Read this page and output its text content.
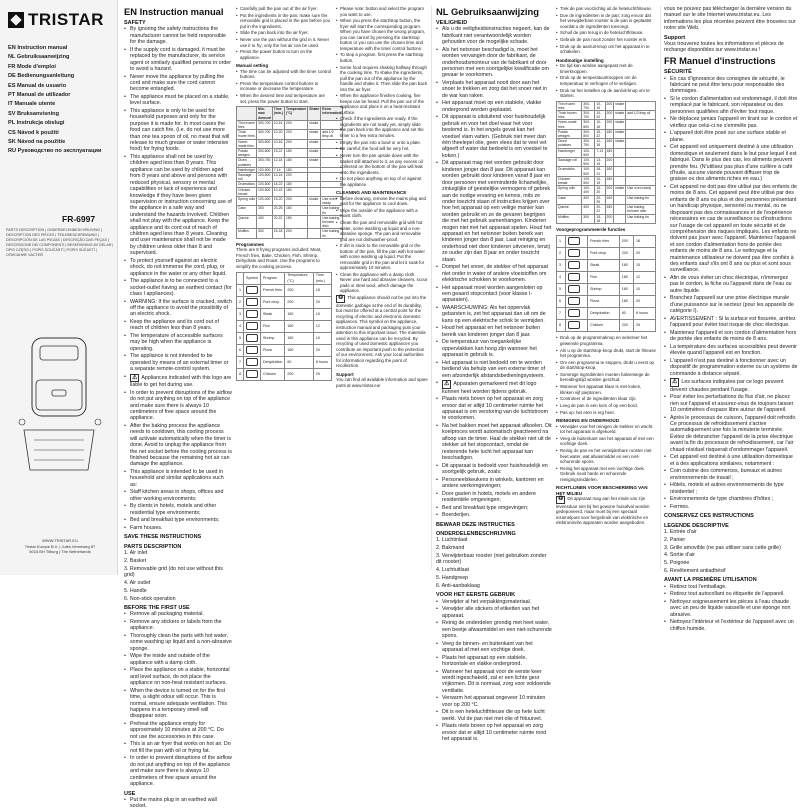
TRISTAR
EN Instruction manual
NL Gebruiksaanwijzing
FR Mode d'emploi
DE Bedienungsanleitung
ES Manual de usuario
PT Manual de utilizador
IT Manuale utente
SV Bruksanvisning
PL Instrukcja obslugi
CS Návod k použití
SK Návod na použitie
RU Руководство по эксплуатации
FR-6997
PARTS DESCRIPTION | ONDERDELENBESCHRIJVING | DESCRIPTION DES PIÈCES | TEILEBESCHREIBUNG | DESCRIPCIÓN DE LAS PIEZAS | DESCRIÇÃO DAS PEÇAS | DESCRIZIONE DEI COMPONENTI | BESKRIVNING AV DELAR | OPIS CZĘŚCI | POPIS SOUČÁSTÍ | POPIS SÚČASTÍ | ОПИСАНИЕ ЧАСТЕЙ
WWW.TRISTAR.EU
Tristar Europe B.V. | Jules Verneweg 87
5015 BH Tilburg | The Netherlands
EN Instruction manual
SAFETY
• By ignoring the safety instructions the manufacturer cannot be held responsible for the damage.
• If the supply cord is damaged, it must be replaced by the manufacturer, its service agent or similarly qualified persons in order to avoid a hazard.
• Never move the appliance by pulling the cord and make sure the cord cannot become entangled.
• The appliance must be placed on a stable, level surface.
• This appliance is only to be used for household purposes and only for the purpose it is made for. In most cases the food can catch fire, (i.e. do not use more than one tea spoon of oil, no meat that will release to much grease or water intensive food) for frying foods.
• This appliance shall not be used by children aged less than 8 years. This appliance can be used by children aged from 8 years and above and persons with reduced physical, sensory or mental capabilities or lack of experience and knowledge if they have been given supervision or instruction concerning use of the appliance in a safe way and understand the hazards involved. Children shall not play with the appliance. Keep the appliance and its cord out of reach of children aged less than 8 years. Cleaning and user maintenance shall not be made by children unless older than 8 and supervised.
• To protect yourself against an electric shock, do not immerse the cord, plug, or appliance in the water or any other liquid.
• The appliance is to be connected to a socket-outlet having an earthed contact (for class I appliances).
• WARNING: If the surface is cracked, switch off the appliance to avoid the possibility of an electric shock.
• Keep the appliance and its cord out of reach of children less than 8 years.
• The temperature of accessible surfaces may be high when the appliance is operating.
• The appliance is not intended to be operated by means of an external timer or a separate remote-control system.
• ⚠ Appliances indicated with this logo are liable to get hot during use.
• In order to prevent disruptions of the airflow do not put anything on top of the appliance and make sure there is always 10 centimeters of free space around the appliance.
• After the baking process the appliance needs to cooldown, this cooling process will activate automatically when the timer is done. Avoid to unplug the appliance from the net socket before the cooling process is finished because the remaining hot air can damage the appliance.
• This appliance is intended to be used in household and similar applications such as:
• Staff kitchen areas in shops, offices and other working environments;
• By clients in hotels, motels and other residential type environments;
• Bed and breakfast type environments;
• Farm houses.
SAVE THESE INSTRUCTIONS
PARTS DESCRIPTION

1. Air inlet

2. Basket

3. Removable grid (do not use without this grid)

4. Air outlet

5. Handle

6. Non-stick operation

BEFORE THE FIRST USE
• Remove all packaging material.
• Remove any stickers or labels from the appliance.
• Thoroughly clean the parts with hot water, some washing up liquid and a non-abrasive sponge.
• Wipe the inside and outside of the appliance with a damp cloth.
• Place the appliance on a stable, horizontal and level surface, do not place the appliance on non-heat resistant surfaces.
• When the device is turned on for the first time, a slight odour will occur. This is normal, ensure adequate ventilation. This happens in a temporary smell will disappear soon.
• Preheat the appliance empty for approximately 10 minutes at 200 °C. Do not use the accessories in this case.
• This is an air fryer that works on hot air. Do not fill the pan with oil or frying fat.
• In order to prevent disruptions of the airflow do not put anything on top of the appliance and make sure there is always 10 centimeters of free space around the appliance.
USE
• Put the mains plug in an earthed wall socket.
• Carefully pull the pan out of the air fryer.
• Put the ingredients in the pan; make sure the removable grid is placed in the pan before you put in the ingredients.
• Slide the pan back into the air fryer.
• Never use the pan without the grid in it. Never use it to fry; only the hot air can be used.
• Press the power button to turn on the appliance.
Manual setting
• The time can be adjusted with the timer control buttons.
• Press the temperature control buttons to increase or decrease the temperature.
• When the desired time and temperature are set, press the power button to start.
	Min-max Amount	Time (min.)	Temperature (°C)	Shake	Extra information
Thin frozen fries	300-700	10-16	200	shake	
Thick frozen fries	300-700	10-20	200	shake	add 1/2 tbsp oil
Home-made fries	300-800	10-16	200	shake	
Potato wedges	300-800	15-22	180	shake	
Diced potatoes	300-750	12-18	180	shake	
Hamburger	100-500	7-14	180		
Sausage roll	100-500	13-15	200		
Drumsticks	100-500	18-22	180		
Chicken breast	100-500	10-15	180		
Spring rolls	100-400	15-20	200	shake	Use oven ready
Cake	300	20-25	160		Use baking tin
Quiche	400	20-22	180		Use baking tin/oven dish
Muffins	300	15-18	200		Use baking tin
Programmes

There are 8 frying programs included: Meat, French fries, Bake, Chicken, Fish, Shrimp, Dehydrate and Roast. Use the programs to simplify the cooking process.

	Symbol	Program	Temperature (°C)	Time (min.)
1		French fries	200	18
2		Pork chop	200	20
3		Steak	180	15
4		Fish	180	12
5		Shrimp	180	10
6		Pizza	180	20
7		Dehydration	60	8 hours
8		Chicken	200	25
• Please note: button and select the program you want to use.
• When you press the start/stop button, the fryer will start the corresponding program. When you have chosen the wrong program, you can cancel by pressing the start/stop button or you can use the chosen time and temperature with the timer control buttons.
• To stop a program, first press the start/stop button.
• Some food requires shaking halfway through the cooking time. To shake the ingredients, pull the pan out of the appliance by the handle and shake it. Then slide the pan back into the air fryer.
• When the appliance finishes cooking, five beeps can be heard. Pull the pan out of the appliance and place it on a heat-resistant surface.
• Check if the ingredients are ready. If the ingredients are not ready yet, simply slide the pan back into the appliance and set the timer to a few extra minutes.
• Empty the pan into a bowl or onto a plate.
• Be careful; the food will be very hot.
• Never turn the pan upside down with the basket still attached to it, as any excess oil collected on the bottom of the pan will leak onto the ingredients.
• Do not place anything on top of or against the appliance.
CLEANING AND MAINTENANCE
• Before cleaning, remove the mains plug and wait for the appliance to cool down.
• Wipe the outside of the appliance with a moist cloth.
• Clean the pan and removable grid with hot water, some washing up liquid and a non-abrasive sponge. The pan and removable grid are not dishwasher-proof.
• If dirt is stuck to the removable grid or the bottom of the pan, fill the pan with hot water with some washing up liquid. Put the removable grid in the pan and let it soak for approximately 10 minutes.
• Clean the appliance with a damp cloth. Never use hard and abrasive cleaners, scour pads or steel wool, which damage the appliance.

♻ This appliance should not be put into the domestic garbage at the end of its durability, but must be offered at a central point for the recycling of electric and electronic domestic appliances. This symbol on the appliance, instruction manual and packaging puts your attention to this important issue. The materials used in this appliance can be recycled. By recycling of used domestic appliances you contribute an important push to the protection of our environment. Ask your local authorities for information regarding the point of recollection.

Support

You can find all available information and spare parts at www.tristar.eu!

NL Gebruiksaanwijzing
VEILIGHEID
• Als u de veiligheidsinstructies negeert, kan de fabrikant niet verantwoordelijk worden gehouden voor de mogelijke schade.
• Als het netsnoer beschadigd is, moet het worden vervangen door de fabrikant, de onderhoudsmonteur van de fabrikant of door personen met een soortgelijke kwalificatie om gevaar te voorkomen.
• Verplaats het apparaat nooit door aan het snoer te trekken en zorg dat het snoer niet in de war kan raken.
• Het apparaat moet op een stabiele, vlakke ondergrond worden geplaatst.
• Dit apparaat is uitsluitend voor huishoudelijk gebruik en voor het doel waar het voor bestemd is. In het engels gevat kan het voedsel vlam vatten. (Gebruik niet meer dan één theelepel olie, geen vlees dat te veel vet afgeeft of water dat bedoeld is om voedsel te koken.)
• Dit apparaat mag niet worden gebruikt door kinderen jonger dan 8 jaar. Dit apparaat kan worden gebruikt door kinderen vanaf 8 jaar en door personen met verminderde lichamelijke, zintuiglijke of geestelijke vermogens of gebrek aan de nodige ervaring en kennis, mits ze onder toezicht staan of instructies krijgen over hoe het apparaat op een veilige manier kan worden gebruikt en ze de gevaren begrijpen die met het gebruik samenhangen. Kinderen mogen niet met het apparaat spelen. Houd het apparaat en het netsnoer buiten bereik van kinderen jonger dan 8 jaar. Laat reiniging en onderhoud niet door kinderen uitvoeren, tenzij ze ouder zijn dan 8 jaar en onder toezicht staan.
• Dompel het snoer, de stekker of het apparaat niet onder in water of andere vloeistoffen om elektrische schokken te voorkomen.
• Het apparaat moet worden aangesloten op een geaard stopcontact (voor klasse I-apparaten).
• WAARSCHUWING: Als het oppervlak gebarsten is, zet het apparaat dan uit om de kans op een elektrische schok te vermijden.
• Houd het apparaat en het netsnoer buiten bereik van kinderen jonger dan 8 jaar.
• De temperatuur van toegankelijke oppervlakken kan hoog zijn wanneer het apparaat in gebruik is.
• Het apparaat is niet bedoeld om te worden bediend via behulp van een externe timer of een afzonderlijk afstandsbedieningsysteem.
• ⚠ Apparaten gemarkeerd met dit logo kunnen heet worden tijdens gebruik.
• Plaats niets boven op het apparaat en zorg ervoor dat er altijd 10 centimeter ruimte het apparaat is om verstoring van de luchtstroom te voorkomen.
• Na het bakken moet het apparaat afkoelen. Dit koelproces wordt automatisch geactiveerd na afloop van de timer. Haal de stekker niet uit de stekker uit het stopcontact, omdat de resterende hete lucht het apparaat kan beschadigen.
• Dit apparaat is bedoeld voor huishoudelijk en soortgelijk gebruik, zoals:
• Personeelskeukens in winkels, kantoren en andere werkomgevingen;
• Door gasten in hotels, motels en andere residentiële omgevingen;
• Bed and breakfast type omgevingen;
• Boerderijen.
BEWAAR DEZE INSTRUCTIES
ONDERDELENBESCHRIJVING

1. Luchtinlaat

2. Bakmand

3. Verwijderbaar rooster (niet gebruiken zonder dit rooster)

4. Luchtuitlaat

5. Handgreep

6. Anti-aanbaklaag

VOOR HET EERSTE GEBRUIK
• Verwijder al het verpakkingsmateriaal.
• Verwijder alle stickers of etiketten van het apparaat.
• Reinig de onderdelen grondig met heet water, een beetje afwasmiddel en een niet-schurende spons.
• Veeg de binnen- en buitenkant van het apparaat af met een vochtige doek.
• Plaats het apparaat op een stabiele, horizontale en vlakke ondergrond.
• Wanneer het apparaat voor de eerste keer wordt ingeschakeld, zal er een lichte geur vrijkomen. Dit is normaal, zorg voor voldoende ventilatie.
• Verwarm het apparaat ongeveer 10 minuten voor op 200 °C.
• Dit is een heteluchtfriteuse die op hete lucht werkt. Vul de pan niet met olie of frituurvet.
• Plaats niets boven op het apparaat en zorg ervoor dat er altijd 10 centimeter ruimte rond het apparaat is.
• Trek de pan voorzichtig uit de heteluchtfriteuse.
• Doe de ingrediënten in de pan; zorg ervoor dat het verwijderbare rooster in de pan is geplaatst voordat u de ingrediënten toevoegt.
• Schuif de pan terug in de heteluchtfriteuse.
• Gebruik de pan nooit zonder het rooster erin.
• Druk op de aan/uit-knop om het apparaat in te schakelen.
Handmatige instelling
• De tijd kan worden aangepast met de timerknoppen.
• Druk op de temperatuurknoppen om de temperatuur te verhogen of te verlagen.
• Druk na het instellen op de aan/uit-knop om te starten.
Thin frozen fries	300-700	10-16	200	shake	
Thick frozen fries	300-700	10-20	200	shake	add 1/2 tbsp oil
Home-made fries	300-800	10-16	200	shake	
Potato wedges	300-800	15-22	180	shake	
Diced potatoes	300-750	12-18	180	shake	
Hamburger	100-500	7-14	180		
Sausage roll	100-500	13-15	200		
Drumsticks	100-500	18-22	180		
Chicken breast	100-500	10-15	180		
Spring rolls	100-400	15-20	200	shake	Use oven ready
Cake	300	20-25	160		Use baking tin
Quiche	400	20-22	180		Use baking tin/oven dish
Muffins	300	15-18	200		Use baking tin
Voorgeprogrammeerde functies
1		French fries	200	18
2		Pork chop	200	20
3		Steak	180	15
4		Fish	180	12
5		Shrimp	180	10
6		Pizza	180	20
7		Dehydration	60	8 hours
8		Chicken	200	25
• Druk op de programmaknop en selecteer het gewenste programma.
• Als u op de start/stop-knop drukt, start de friteuse het programma.
• Om een programma te stoppen, drukt u eerst op de start/stop-knop.
• Sommige ingrediënten moeten halverwege de bereidingstijd worden geschud.
• Wanneer het apparaat klaar is met koken, klinken vijf pieptonen.
• Controleer of de ingrediënten klaar zijn.
• Leeg de pan in een kom of op een bord.
• Pas op: het eten is erg heet.
REINIGING EN ONDERHOUD
• Verwijder voor het reinigen de stekker en wacht tot het apparaat is afgekoeld.
• Veeg de buitenkant van het apparaat af met een vochtige doek.
• Reinig de pan en het verwijderbare rooster met heet water, wat afwasmiddel en een niet-schurende spons.
• Reinig het apparaat met een vochtige doek. Gebruik nooit harde en schurende reinigingsmiddelen.
RICHTLIJNEN VOOR BESCHERMING VAN HET MILIEU

♻ Dit apparaat mag aan het einde van zijn levensduur niet bij het gewone huisafval worden gedeponeerd, maar moet bij een speciaal inzamelpunt voor hergebruik van elektrische en elektronische apparaten worden aangeboden.

vous ne pouvez pas télécharger la dernière version du manuel sur le site Internet www.tristar.eu. Les informations les plus récentes peuvent être trouvées sur notre site Web.

Support

Vous trouverez toutes les informations et pièces de rechange disponibles sur www.tristar.eu !

FR Manuel d'instructions
SÉCURITÉ
• En cas d'ignorance des consignes de sécurité, le fabricant ne peut être tenu pour responsable des dommages.
• Si le cordon d'alimentation est endommagé, il doit être remplacé par le fabricant, son réparateur ou des personnes qualifiées afin d'éviter tout risque.
• Ne déplacez jamais l'appareil en tirant sur le cordon et vérifiez que celui-ci ne s'emmêle pas.
• L'appareil doit être posé sur une surface stable et plane.
• Cet appareil est uniquement destiné à une utilisation domestique et seulement dans le but pour lequel il est fabriqué. Dans le plus des cas, les aliments peuvent prendre feu. (N'utilisez pas plus d'une cuillère à café d'huile, aucune viande pouvant diffuser trop de graisse ou des aliments riches en eau.)
• Cet appareil ne doit pas être utilisé par des enfants de moins de 8 ans. Cet appareil peut être utilisé par des enfants de 8 ans ou plus et des personnes présentant un handicap physique, sensoriel ou mental, ou ne disposant pas des connaissances et de l'expérience nécessaires en cas de surveillance ou d'instructions sur l'usage de cet appareil en toute sécurité et de compréhension des risques impliqués. Les enfants ne doivent pas jouer avec l'appareil. Maintenez l'appareil et son cordon d'alimentation hors de portée des enfants de moins de 8 ans. Le nettoyage et la maintenance utilisateur ne doivent pas être confiés à des enfants sauf s'ils ont 8 ans ou plus et sont sous surveillance.
• Afin de vous éviter un choc électrique, n'immergez pas le cordon, la fiche ou l'appareil dans de l'eau ou autre liquide.
• Branchez l'appareil sur une prise électrique murale d'une puissance sur le secteur (pour les appareils de catégorie I).
• AVERTISSEMENT : Si la surface est fissurée, arrêtez l'appareil pour éviter tout risque de choc électrique.
• Maintenez l'appareil et son cordon d'alimentation hors de portée des enfants de moins de 8 ans.
• La température des surfaces accessibles peut devenir élevée quand l'appareil est en fonction.
• L'appareil n'est pas destiné à fonctionner avec un dispositif de programmation externe ou un système de commande à distance séparé.
• ⚠ Les surfaces indiquées par ce logo peuvent devenir chaudes pendant l'usage.
• Pour éviter les perturbations du flux d'air, ne placez rien sur l'appareil et assurez-vous de toujours laisser 10 centimètres d'espace libre autour de l'appareil.
• Après le processus de cuisson, l'appareil doit refroidir. Ce processus de refroidissement s'active automatiquement une fois la minuterie terminée. Évitez de débrancher l'appareil de la prise électrique avant la fin du processus de refroidissement, car l'air chaud résiduel risquerait d'endommager l'appareil.
• Cet appareil est destiné à une utilisation domestique et à des applications similaires, notamment :
• Coin cuisine des commerces, bureaux et autres environnements de travail ;
• Hôtels, motels et autres environnements de type résidentiel ;
• Environnements de type chambres d'hôtes ;
• Fermes.
CONSERVEZ CES INSTRUCTIONS
LEGENDE DESCRIPTIVE

1. Entrée d'air

2. Panier

3. Grille amovible (ne pas utiliser sans cette grille)

4. Sortie d'air

5. Poignée

6. Revêtement antiadhésif

AVANT LA PREMIÈRE UTILISATION
• Retirez tout l'emballage.
• Retirez tout autocollant ou étiquette de l'appareil.
• Nettoyez soigneusement les pièces à l'eau chaude avec un peu de liquide vaisselle et une éponge non abrasive.
• Nettoyez l'intérieur et l'extérieur de l'appareil avec un chiffon humide.
